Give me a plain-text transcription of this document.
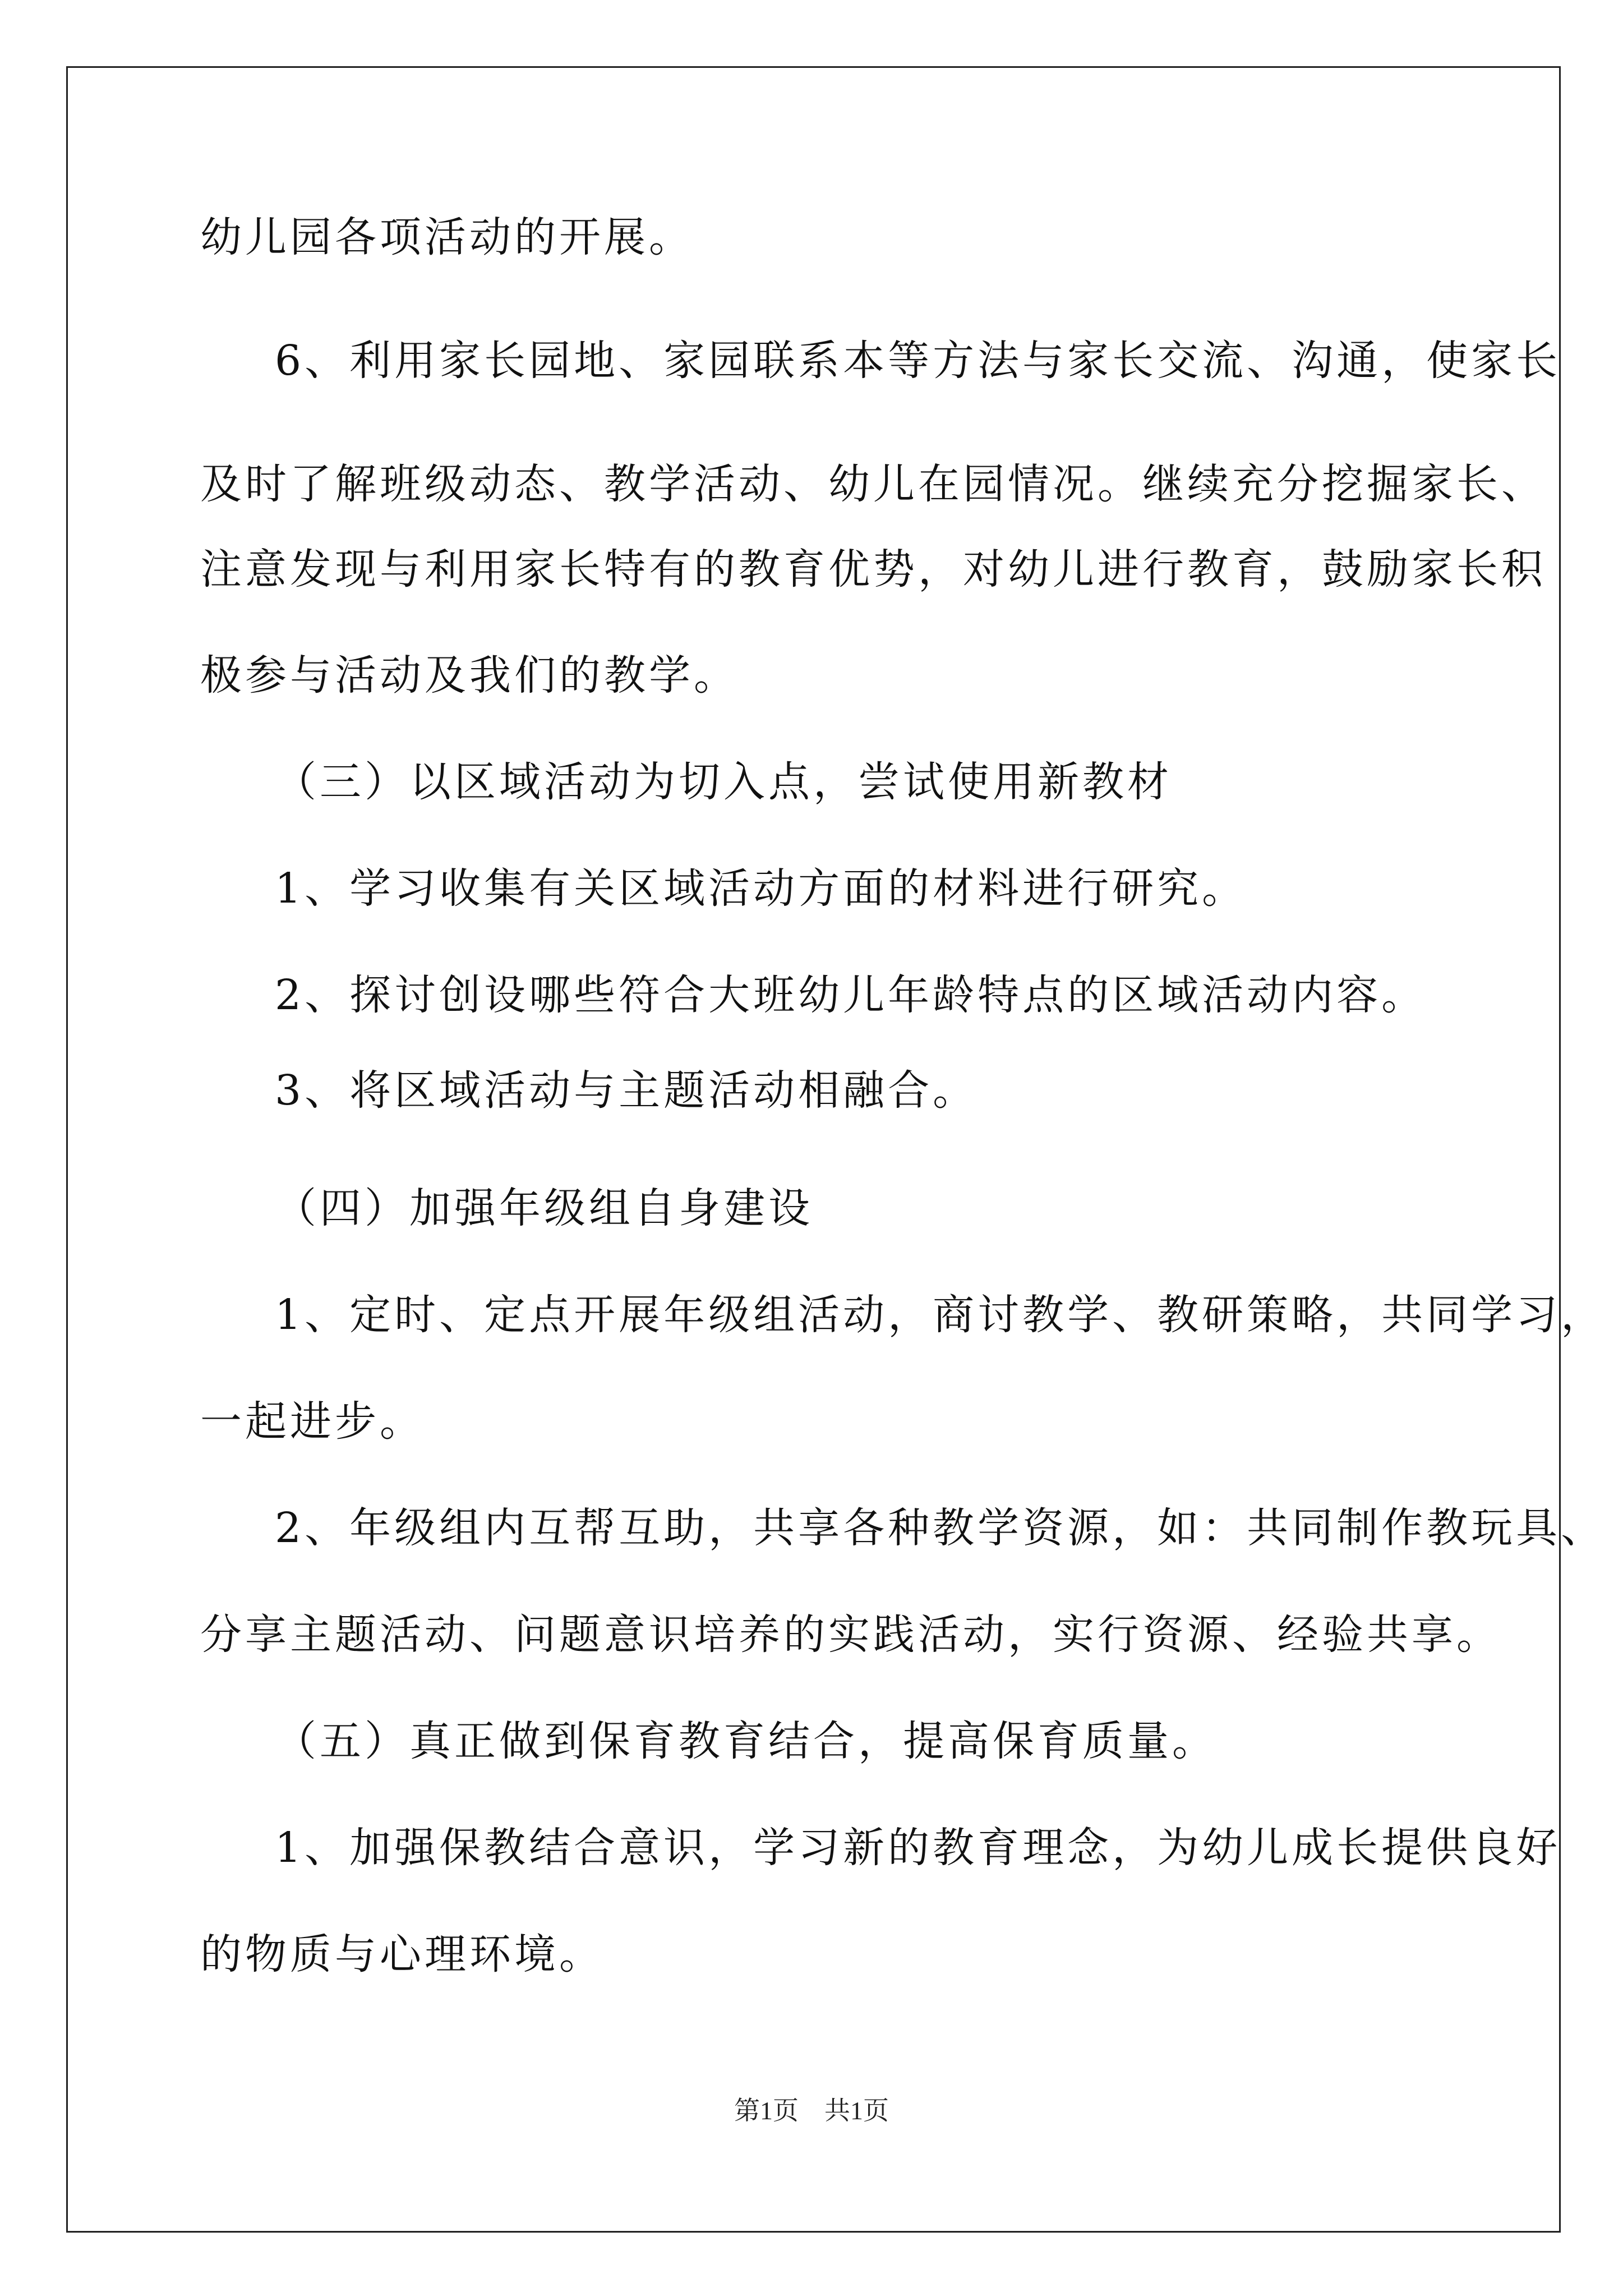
幼儿园各项活动的开展。
6、利用家长园地、家园联系本等方法与家长交流、沟通，使家长
及时了解班级动态、教学活动、幼儿在园情况。继续充分挖掘家长、
注意发现与利用家长特有的教育优势，对幼儿进行教育，鼓励家长积
极参与活动及我们的教学。
（三）以区域活动为切入点，尝试使用新教材
1、学习收集有关区域活动方面的材料进行研究。
2、探讨创设哪些符合大班幼儿年龄特点的区域活动内容。
3、将区域活动与主题活动相融合。
（四）加强年级组自身建设
1、定时、定点开展年级组活动，商讨教学、教研策略，共同学习，
一起进步。
2、年级组内互帮互助，共享各种教学资源，如：共同制作教玩具、
分享主题活动、问题意识培养的实践活动，实行资源、经验共享。
（五）真正做到保育教育结合，提高保育质量。
1、加强保教结合意识，学习新的教育理念，为幼儿成长提供良好
的物质与心理环境。
第1页　共1页
